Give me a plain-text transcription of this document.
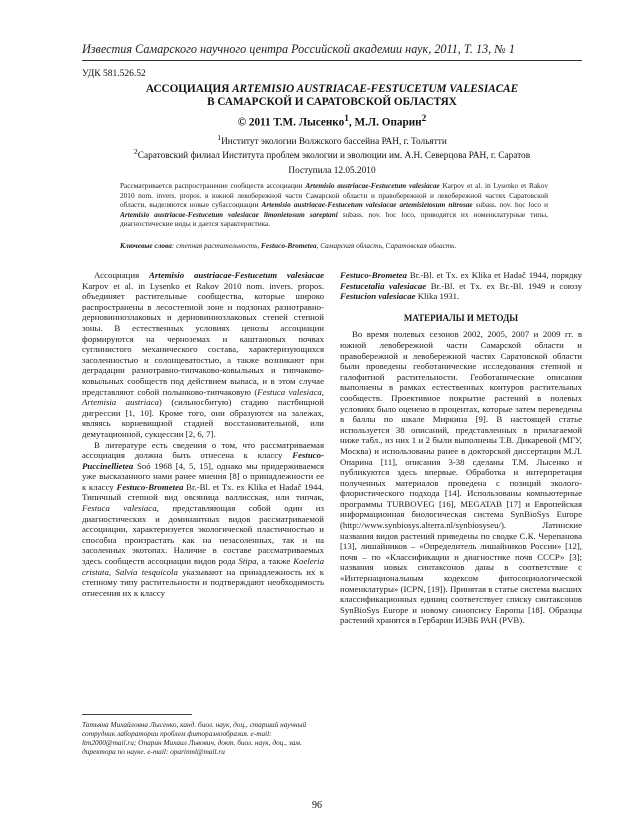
Известия Самарского научного центра Российской академии наук, 2011, Т. 13, № 1
УДК 581.526.52
АССОЦИАЦИЯ ARTEMISIO AUSTRIACAE-FESTUCETUM VALESIACAE
В САМАРСКОЙ И САРАТОВСКОЙ ОБЛАСТЯХ
© 2011 Т.М. Лысенко$^1$, М.Л. Опарин$^2$
$^1$Институт экологии Волжского бассейна РАН, г. Тольятти
$^2$Саратовский филиал Института проблем экологии и эволюции им. А.Н. Северцова РАН, г. Саратов
Поступила 12.05.2010
Рассматривается распространение сообществ ассоциации Artemisio austriacae-Festucetum valesiacae Karpov et al. in Lysenko et Rakov 2010 nom. invers. propos. в южной левобережной части Самарской области и правобережной и левобережной частях Саратовской области, выделяются новые субассоциации Artemisio austriacae-Festucetum valesiacae artemisietosum nitrosae subass. nov. hoc loco и Artemisio austriacae-Festucetum valesiacae limonietosum sareptani subass. nov. hoc loco, приводятся их номенклатурные типы, диагностические виды и дается характеристика.
Ключевые слова: степная растительность, Festuco-Brometea, Самарская область, Саратовская область.

Ассоциация Artemisio austriacae-Festucetum valesiacae Karpov et al. in Lysenko et Rakov 2010 nom. invers. propos. объединяет растительные сообщества, которые широко распространены в лесостепной зоне и подзонах разнотравно-дерновиннозлаковых и дерновиннозлаковых степей степной зоны. В естественных условиях ценозы ассоциации формируются на черноземах и каштановых почвах суглинистого механического состава, характеризующихся засоленностью и солонцеватостью, а также возникают при деградации разнотравно-типчаково-ковыльных и типчаково-ковыльных сообществ под действием выпаса, и в этом случае представляют собой полынково-типчаковую (Festuca valesiaca, Artemisia austriaca) (сильносбитую) стадию пастбищной дигрессии [1, 10]. Кроме того, они образуются на залежах, являясь корневищной стадией восстановительной, или демутационной, сукцессии [2, 6, 7].

В литературе есть сведения о том, что рассматриваемая ассоциация должна быть отнесена к классу Festuco-Puccinellietea Soó 1968 [4, 5, 15], однако мы придерживаемся уже высказанного нами ранее мнения [8] о принадлежности ее к классу Festuco-Brometea Br.-Bl. et Tx. ex Klika et Hadač 1944. Типичный степной вид овсяница валлисская, или типчак, Festuca valesiaca, представляющая собой один из диагностических и доминантных видов рассматриваемой ассоциации, характеризуется экологической пластичностью и способна произрастать как на незасоленных, так и на засоленных экотопах. Наличие в составе рассматриваемых здесь сообществ ассоциации видов рода Stipa, а также Koeleria cristata, Salvia tesquicola указывают на принадлежность их к степному типу растительности и подтверждают необходимость отнесения их к классу

Festuco-Brometea Br.-Bl. et Tx. ex Klika et Hadač 1944, порядку Festucetalia valesiacae Br.-Bl. et Tx. ex Br.-Bl. 1949 и союзу Festucion valesiacae Klika 1931.

МАТЕРИАЛЫ И МЕТОДЫ

Во время полевых сезонов 2002, 2005, 2007 и 2009 гг. в южной левобережной части Самарской области и правобережной и левобережной частях Саратовской области были проведены геоботанические исследования степной и галофитной растительности. Геоботанические описания выполнены в рамках естественных контуров растительных сообществ. Проективное покрытие растений в полевых условиях было оценено в процентах, которые затем переведены в баллы по шкале Миркина [9]. В настоящей статье используется 38 описаний, представленных в прилагаемой ниже табл., из них 1 и 2 были выполнены Т.В. Дикаревой (МГУ, Москва) и использованы ранее в докторской диссертации М.Л. Опарина [11], описания 3-38 сделаны Т.М. Лысенко и публикуются здесь впервые. Обработка и интерпретация полученных материалов проведена с позиций эколого-флористического подхода [14]. Использованы компьютерные программы TURBOVEG [16], MEGATAB [17] и Европейская информационная биологическая система SynBioSys Europe (http://www.synbiosys.alterra.nl/synbiosyseu/). Латинские названия видов растений приведены по сводке С.К. Черепанова [13], лишайников – «Определитель лишайников России» [12], почв – по «Классификации и диагностике почв СССР» [3]; названия новых синтаксонов даны в соответствие с «Интернациональным кодексом фитосоциологической номенклатуры» (ICPN, [19]). Принятая в статье система высших классификационных единиц соответствует списку синтаксонов SynBioSys Europe и новому синопсису Европы [18]. Образцы растений хранятся в Гербарии ИЭВБ РАН (PVB).

Татьяна Михайловна Лысенко, канд. биол. наук, доц., старший научный сотрудник лаборатории проблем фиторазнообразия. e-mail: ltm2000@mail.ru; Опарин Михаил Львович, докт. биол. наук, доц., зам. директора по науке. e-mail: oparinml@mail.ru
96
